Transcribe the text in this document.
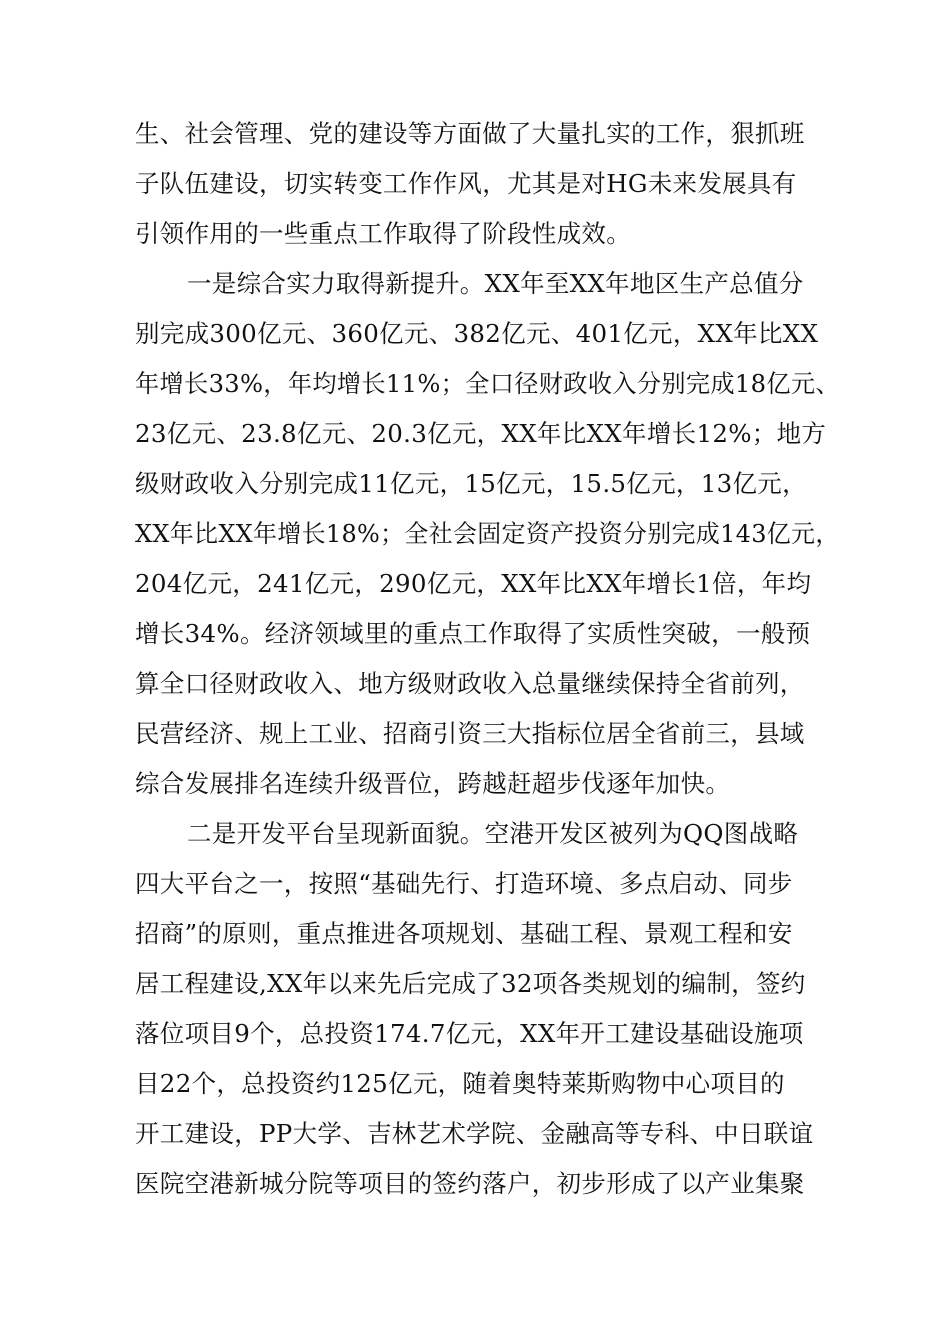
生、社会管理、党的建设等方面做了大量扎实的工作，狠抓班
子队伍建设，切实转变工作作风，尤其是对HG未来发展具有
引领作用的一些重点工作取得了阶段性成效。
一是综合实力取得新提升。XX年至XX年地区生产总值分
别完成300亿元、360亿元、382亿元、401亿元，XX年比XX
年增长33%，年均增长11%；全口径财政收入分别完成18亿元、
23亿元、23.8亿元、20.3亿元，XX年比XX年增长12%；地方
级财政收入分别完成11亿元，15亿元，15.5亿元，13亿元，
XX年比XX年增长18%；全社会固定资产投资分别完成143亿元，
204亿元，241亿元，290亿元，XX年比XX年增长1倍，年均
增长34%。经济领域里的重点工作取得了实质性突破，一般预
算全口径财政收入、地方级财政收入总量继续保持全省前列，
民营经济、规上工业、招商引资三大指标位居全省前三，县域
综合发展排名连续升级晋位，跨越赶超步伐逐年加快。
二是开发平台呈现新面貌。空港开发区被列为QQ图战略
四大平台之一，按照“基础先行、打造环境、多点启动、同步
招商”的原则，重点推进各项规划、基础工程、景观工程和安
居工程建设,XX年以来先后完成了32项各类规划的编制，签约
落位项目9个，总投资174.7亿元，XX年开工建设基础设施项
目22个，总投资约125亿元，随着奥特莱斯购物中心项目的
开工建设，PP大学、吉林艺术学院、金融高等专科、中日联谊
医院空港新城分院等项目的签约落户，初步形成了以产业集聚
